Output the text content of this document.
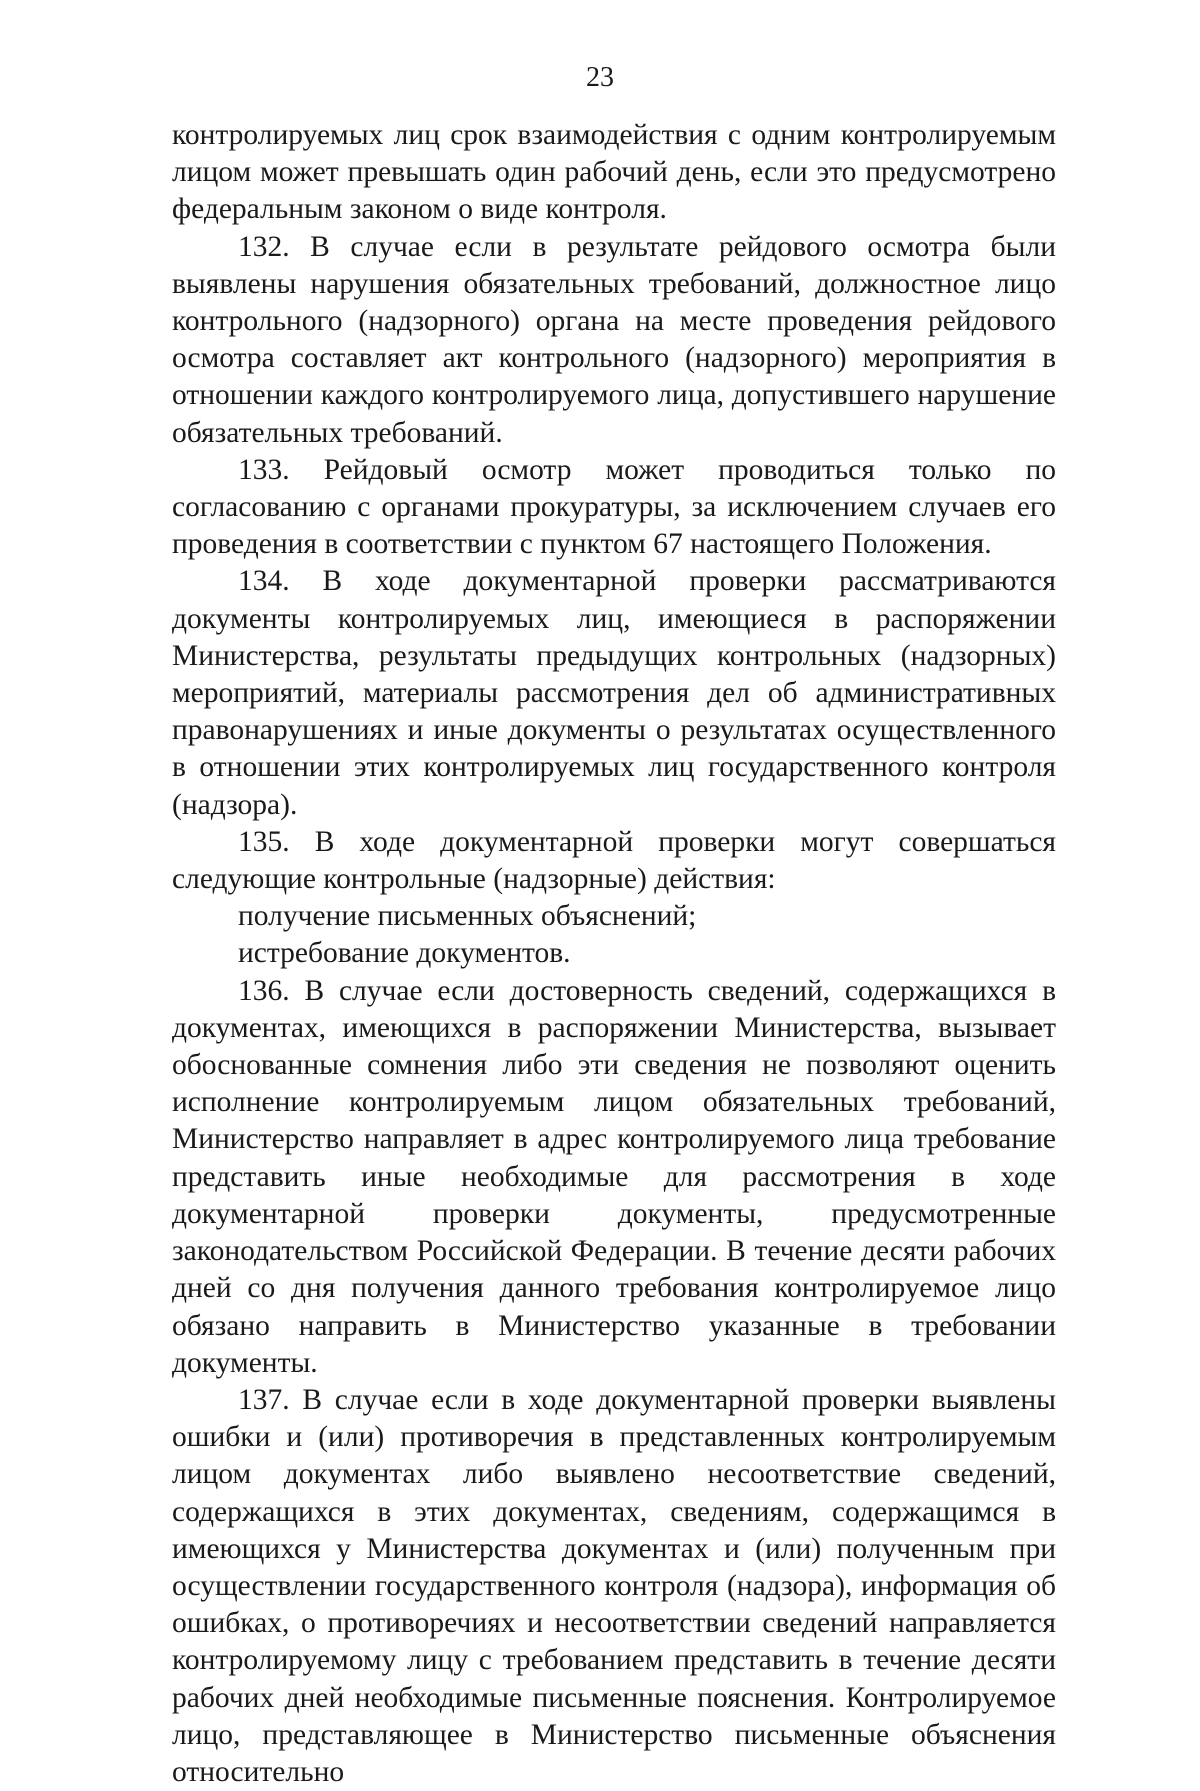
23

контролируемых лиц срок взаимодействия с одним контролируемым лицом может превышать один рабочий день, если это предусмотрено федеральным законом о виде контроля.

132. В случае если в результате рейдового осмотра были выявлены нарушения обязательных требований, должностное лицо контрольного (надзорного) органа на месте проведения рейдового осмотра составляет акт контрольного (надзорного) мероприятия в отношении каждого контролируемого лица, допустившего нарушение обязательных требований.

133. Рейдовый осмотр может проводиться только по согласованию с органами прокуратуры, за исключением случаев его проведения в соответствии с пунктом 67 настоящего Положения.

134. В ходе документарной проверки рассматриваются документы контролируемых лиц, имеющиеся в распоряжении Министерства, результаты предыдущих контрольных (надзорных) мероприятий, материалы рассмотрения дел об административных правонарушениях и иные документы о результатах осуществленного в отношении этих контролируемых лиц государственного контроля (надзора).

135. В ходе документарной проверки могут совершаться следующие контрольные (надзорные) действия:

получение письменных объяснений;

истребование документов.

136. В случае если достоверность сведений, содержащихся в документах, имеющихся в распоряжении Министерства, вызывает обоснованные сомнения либо эти сведения не позволяют оценить исполнение контролируемым лицом обязательных требований, Министерство направляет в адрес контролируемого лица требование представить иные необходимые для рассмотрения в ходе документарной проверки документы, предусмотренные законодательством Российской Федерации. В течение десяти рабочих дней со дня получения данного требования контролируемое лицо обязано направить в Министерство указанные в требовании документы.

137. В случае если в ходе документарной проверки выявлены ошибки и (или) противоречия в представленных контролируемым лицом документах либо выявлено несоответствие сведений, содержащихся в этих документах, сведениям, содержащимся в имеющихся у Министерства документах и (или) полученным при осуществлении государственного контроля (надзора), информация об ошибках, о противоречиях и несоответствии сведений направляется контролируемому лицу с требованием представить в течение десяти рабочих дней необходимые письменные пояснения. Контролируемое лицо, представляющее в Министерство письменные объяснения относительно
